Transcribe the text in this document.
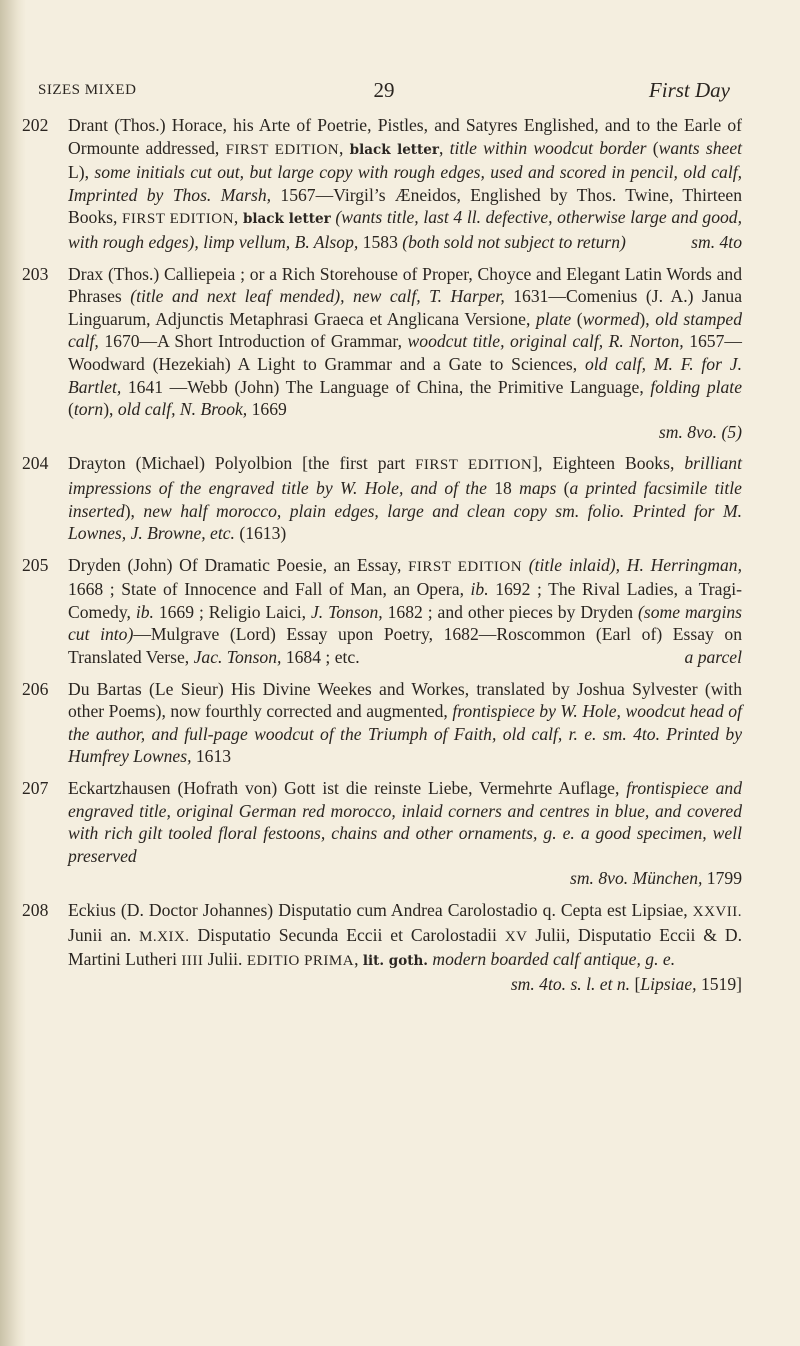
SIZES MIXED	29	First Day
202 Drant (Thos.) Horace, his Arte of Poetrie, Pistles, and Satyres Englished, and to the Earle of Ormounte addressed, FIRST EDITION, black letter, title within woodcut border (wants sheet L), some initials cut out, but large copy with rough edges, used and scored in pencil, old calf, Imprinted by Thos. Marsh, 1567—Virgil’s Æneidos, Englished by Thos. Twine, Thirteen Books, FIRST EDITION, black letter (wants title, last 4 ll. defective, otherwise large and good, with rough edges), limp vellum, B. Alsop, 1583 (both sold not subject to return)	sm. 4to
203 Drax (Thos.) Calliepeia ; or a Rich Storehouse of Proper, Choyce and Elegant Latin Words and Phrases (title and next leaf mended), new calf, T. Harper, 1631—Comenius (J. A.) Janua Linguarum, Adjunctis Metaphrasi Graeca et Anglicana Versione, plate (wormed), old stamped calf, 1670—A Short Introduction of Grammar, woodcut title, original calf, R. Norton, 1657—Woodward (Hezekiah) A Light to Grammar and a Gate to Sciences, old calf, M. F. for J. Bartlet, 1641 —Webb (John) The Language of China, the Primitive Language, folding plate (torn), old calf, N. Brook, 1669
sm. 8vo. (5)
204 Drayton (Michael) Polyolbion [the first part FIRST EDITION], Eighteen Books, brilliant impressions of the engraved title by W. Hole, and of the 18 maps (a printed facsimile title inserted), new half morocco, plain edges, large and clean copy sm. folio. Printed for M. Lownes, J. Browne, etc. (1613)
205 Dryden (John) Of Dramatic Poesie, an Essay, FIRST EDITION (title inlaid), H. Herringman, 1668 ; State of Innocence and Fall of Man, an Opera, ib. 1692 ; The Rival Ladies, a Tragi-Comedy, ib. 1669 ; Religio Laici, J. Tonson, 1682 ; and other pieces by Dryden (some margins cut into)—Mulgrave (Lord) Essay upon Poetry, 1682—Roscommon (Earl of) Essay on Translated Verse, Jac. Tonson, 1684 ; etc.	a parcel
206 Du Bartas (Le Sieur) His Divine Weekes and Workes, translated by Joshua Sylvester (with other Poems), now fourthly corrected and augmented, frontispiece by W. Hole, woodcut head of the author, and full-page woodcut of the Triumph of Faith, old calf, r. e. sm. 4to. Printed by Humfrey Lownes, 1613
207 Eckartzhausen (Hofrath von) Gott ist die reinste Liebe, Vermehrte Auflage, frontispiece and engraved title, original German red morocco, inlaid corners and centres in blue, and covered with rich gilt tooled floral festoons, chains and other ornaments, g. e. a good specimen, well preserved
sm. 8vo. München, 1799
208 Eckius (D. Doctor Johannes) Disputatio cum Andrea Carolostadio q. Cepta est Lipsiae, XXVII. Junii an. M.XIX. Disputatio Secunda Eccii et Carolostadii XV Julii, Disputatio Eccii & D. Martini Lutheri IIII Julii. EDITIO PRIMA, lit. goth. modern boarded calf antique, g. e.
sm. 4to. s. l. et n. [Lipsiae, 1519]
